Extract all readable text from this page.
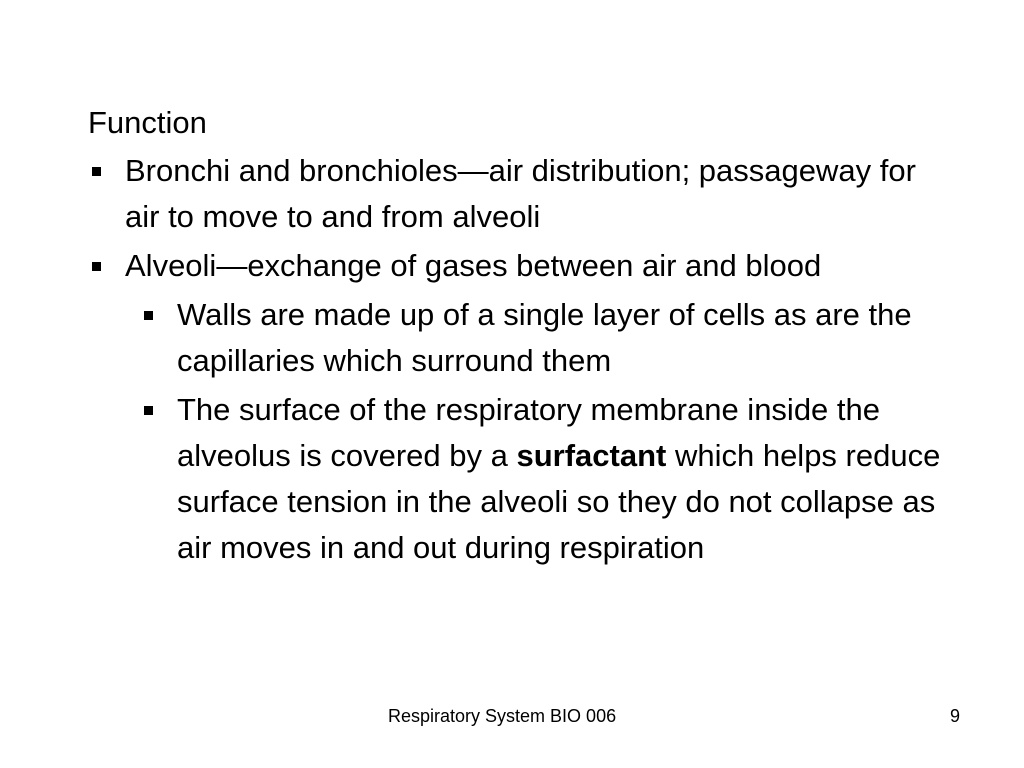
Function
Bronchi and bronchioles—air distribution; passageway for air to move to and from alveoli
Alveoli—exchange of gases between air and blood
Walls are made up of a single layer of cells as are the capillaries which surround them
The surface of the respiratory membrane inside the alveolus is covered by a surfactant which helps reduce surface tension in the alveoli so they do not collapse as air moves in and out during respiration
Respiratory System BIO 006	9
